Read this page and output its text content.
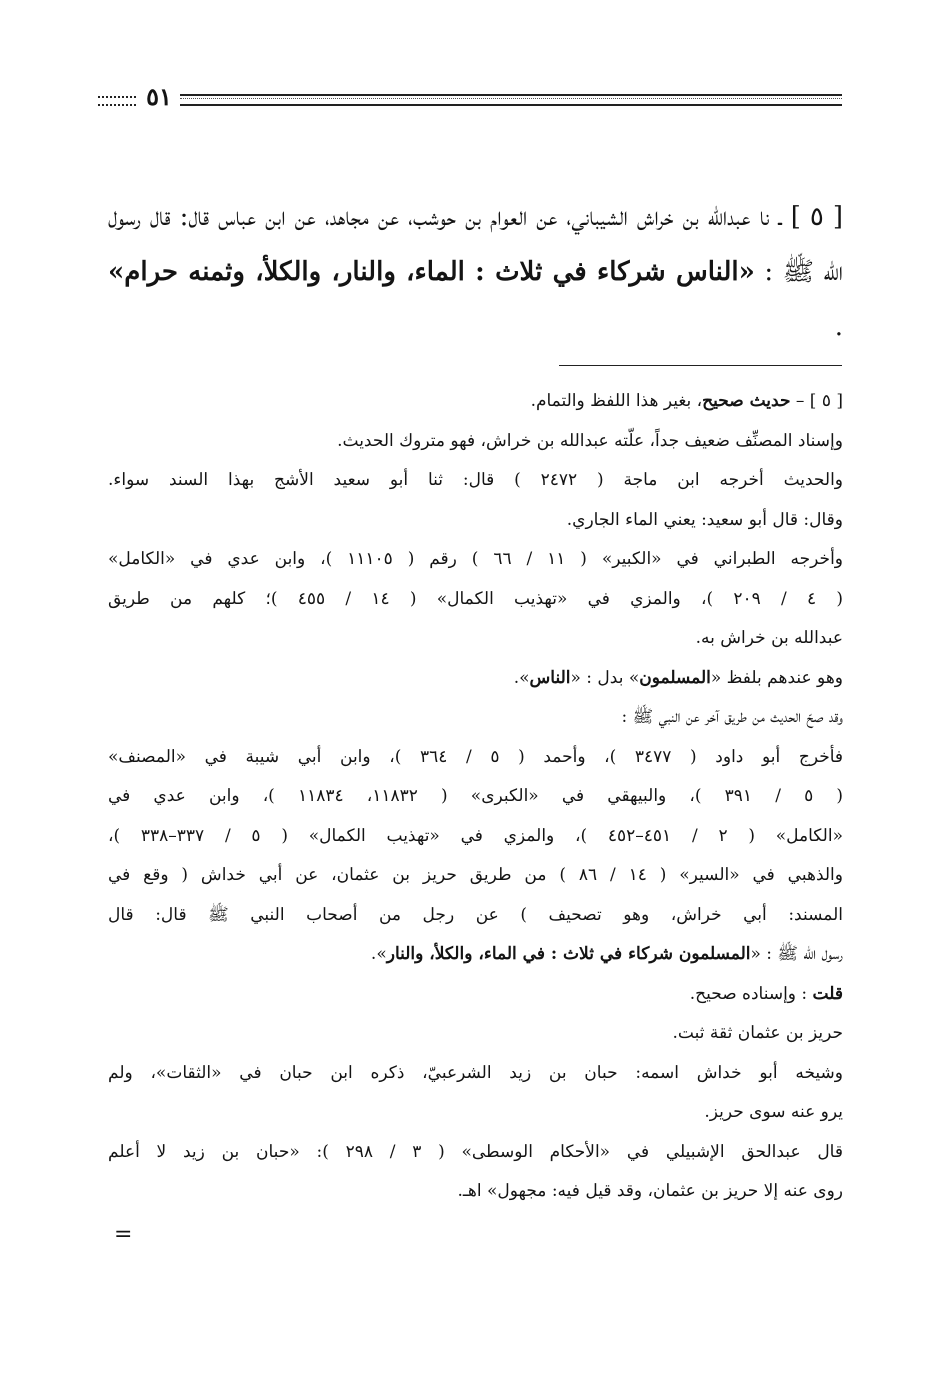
٥١
[ ٥ ] ـ نا عبدالله بن خراش الشيباني، عن العوام بن حوشب، عن مجاهد، عن ابن عباس قال: قال رسول الله ﷺ : «الناس شركاء في ثلاث : الماء، والنار، والكلأ، وثمنه حرام» .
[ ٥ ] – حديث صحيح، بغير هذا اللفظ والتمام.
وإسناد المصنِّف ضعيف جداً، علّته عبدالله بن خراش، فهو متروك الحديث.
والحديث أخرجه ابن ماجة ( ٢٤٧٢ ) قال: ثنا أبو سعيد الأشج بهذا السند سواء.
وقال: قال أبو سعيد: يعني الماء الجاري.
وأخرجه الطبراني في «الكبير» ( ١١ / ٦٦ ) رقم ( ١١١٠٥ )، وابن عدي في «الكامل»
( ٤ / ٢٠٩ )، والمزي في «تهذيب الكمال» ( ١٤ / ٤٥٥ )؛ كلهم من طريق
عبدالله بن خراش به.
وهو عندهم بلفظ «المسلمون» بدل : «الناس».
وقد صحّ الحديث من طريق آخر عن النبي ﷺ :
فأخرج أبو داود ( ٣٤٧٧ )، وأحمد ( ٥ / ٣٦٤ )، وابن أبي شيبة في «المصنف»
( ٥ / ٣٩١ )، والبيهقي في «الكبرى» ( ١١٨٣٢، ١١٨٣٤ )، وابن عدي في
«الكامل» ( ٢ / ٤٥١–٤٥٢ )، والمزي في «تهذيب الكمال» ( ٥ / ٣٣٧–٣٣٨ )،
والذهبي في «السير» ( ١٤ / ٨٦ ) من طريق حريز بن عثمان، عن أبي خداش ( وقع في
المسند: أبي خراش، وهو تصحيف ) عن رجل من أصحاب النبي ﷺ قال: قال
رسول الله ﷺ : «المسلمون شركاء في ثلاث : في الماء، والكلأ، والنار».
قلت : وإسناده صحيح.
حريز بن عثمان ثقة ثبت.
وشيخه أبو خداش اسمه: حبان بن زيد الشرعبيّ، ذكره ابن حبان في «الثقات»، ولم
يرو عنه سوى حريز.
قال عبدالحق الإشبيلي في «الأحكام الوسطى» ( ٣ / ٢٩٨ ): «حبان بن زيد لا أعلم
روى عنه إلا حريز بن عثمان، وقد قيل فيه: مجهول» اهـ.
=
